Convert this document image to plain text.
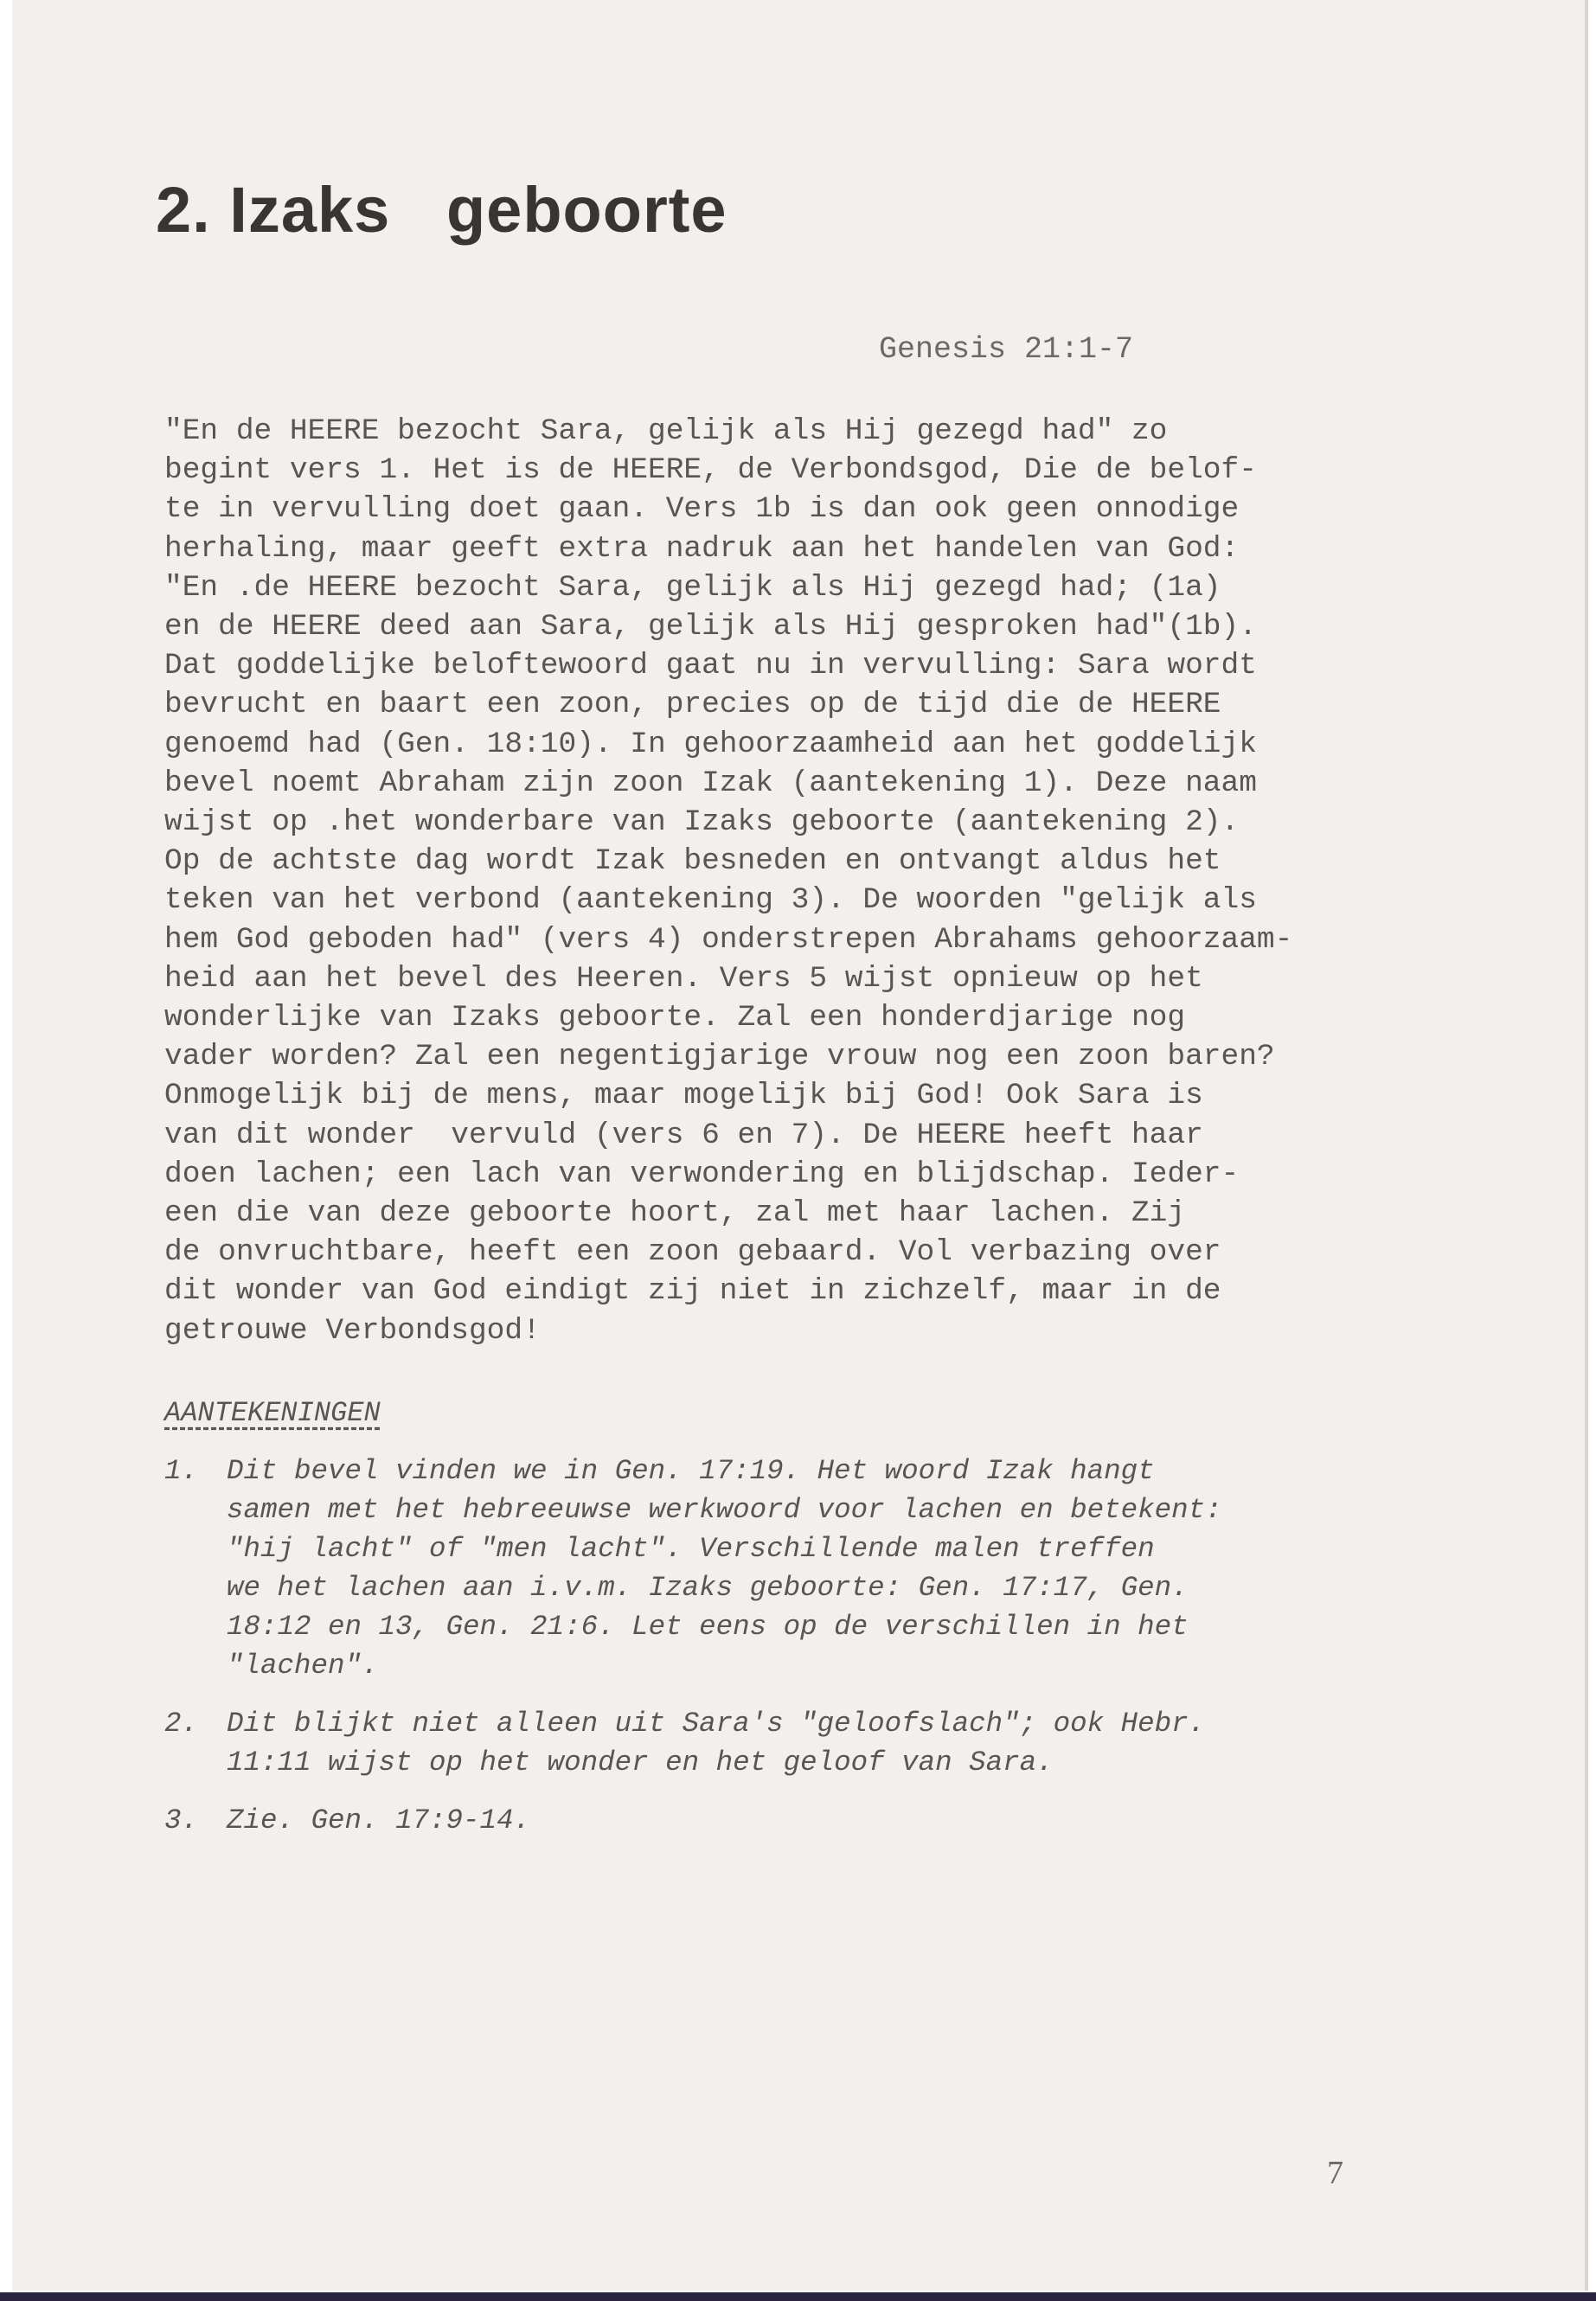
2. Izaks   geboorte
Genesis 21:1-7
"En de HEERE bezocht Sara, gelijk als Hij gezegd had" zo
begint vers 1. Het is de HEERE, de Verbondsgod, Die de belof-
te in vervulling doet gaan. Vers 1b is dan ook geen onnodige
herhaling, maar geeft extra nadruk aan het handelen van God:
"En .de HEERE bezocht Sara, gelijk als Hij gezegd had; (1a)
en de HEERE deed aan Sara, gelijk als Hij gesproken had"(1b).
Dat goddelijke beloftewoord gaat nu in vervulling: Sara wordt
bevrucht en baart een zoon, precies op de tijd die de HEERE
genoemd had (Gen. 18:10). In gehoorzaamheid aan het goddelijk
bevel noemt Abraham zijn zoon Izak (aantekening 1). Deze naam
wijst op .het wonderbare van Izaks geboorte (aantekening 2).
Op de achtste dag wordt Izak besneden en ontvangt aldus het
teken van het verbond (aantekening 3). De woorden "gelijk als
hem God geboden had" (vers 4) onderstrepen Abrahams gehoorzaam-
heid aan het bevel des Heeren. Vers 5 wijst opnieuw op het
wonderlijke van Izaks geboorte. Zal een honderdjarige nog
vader worden? Zal een negentigjarige vrouw nog een zoon baren?
Onmogelijk bij de mens, maar mogelijk bij God! Ook Sara is
van dit wonder  vervuld (vers 6 en 7). De HEERE heeft haar
doen lachen; een lach van verwondering en blijdschap. Ieder-
een die van deze geboorte hoort, zal met haar lachen. Zij
de onvruchtbare, heeft een zoon gebaard. Vol verbazing over
dit wonder van God eindigt zij niet in zichzelf, maar in de
getrouwe Verbondsgod!
AANTEKENINGEN
1. Dit bevel vinden we in Gen. 17:19. Het woord Izak hangt
samen met het hebreeuwse werkwoord voor lachen en betekent:
"hij lacht" of "men lacht". Verschillende malen treffen
we het lachen aan i.v.m. Izaks geboorte: Gen. 17:17, Gen.
18:12 en 13, Gen. 21:6. Let eens op de verschillen in het
"lachen".
2. Dit blijkt niet alleen uit Sara's "geloofslach"; ook Hebr.
11:11 wijst op het wonder en het geloof van Sara.
3. Zie. Gen. 17:9-14.
7
